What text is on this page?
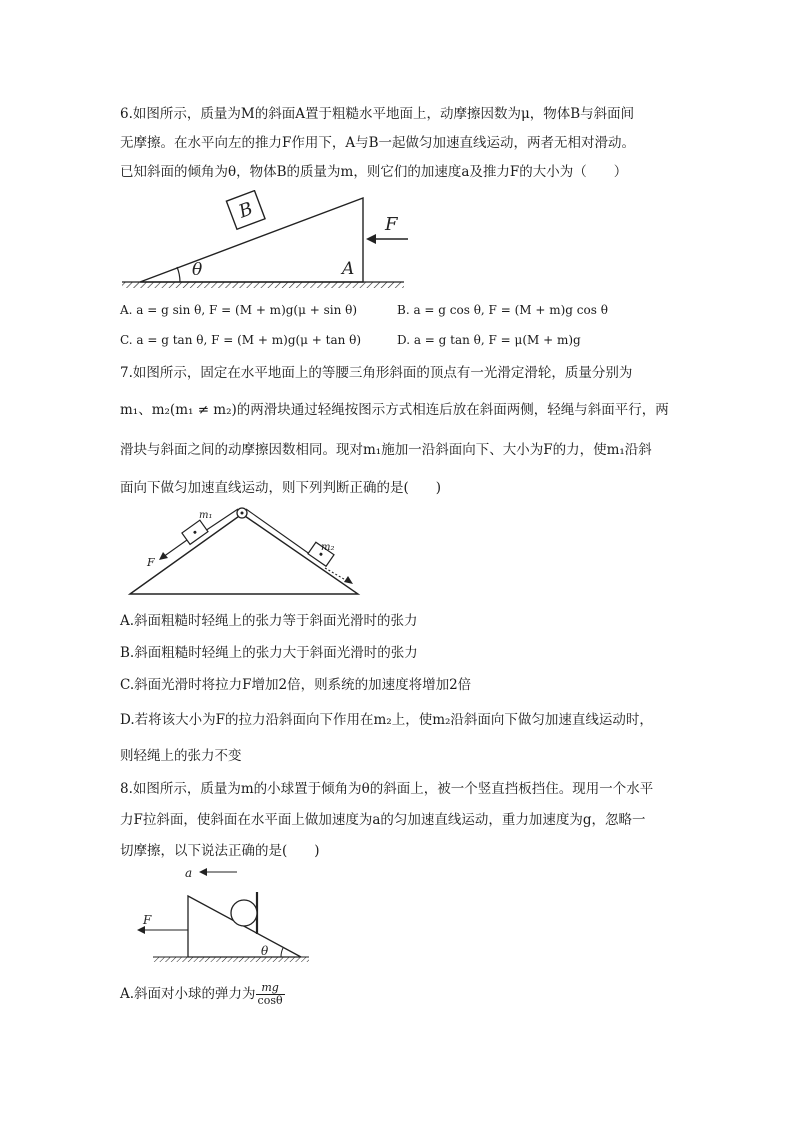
6.如图所示，质量为M的斜面A置于粗糙水平地面上，动摩擦因数为μ，物体B与斜面间
无摩擦。在水平向左的推力F作用下，A与B一起做匀加速直线运动，两者无相对滑动。
已知斜面的倾角为θ，物体B的质量为m，则它们的加速度a及推力F的大小为（　　）
B
θ	A
F
A. a = g sin θ, F = (M + m)g(μ + sin θ)	B. a = g cos θ, F = (M + m)g cos θ
C. a = g tan θ, F = (M + m)g(μ + tan θ)	D. a = g tan θ, F = μ(M + m)g
7.如图所示，固定在水平地面上的等腰三角形斜面的顶点有一光滑定滑轮，质量分别为
m₁、m₂(m₁ ≠ m₂)的两滑块通过轻绳按图示方式相连后放在斜面两侧，轻绳与斜面平行，两
滑块与斜面之间的动摩擦因数相同。现对m₁施加一沿斜面向下、大小为F的力，使m₁沿斜
面向下做匀加速直线运动，则下列判断正确的是(　　)
m₁
m₂
F
A.斜面粗糙时轻绳上的张力等于斜面光滑时的张力
B.斜面粗糙时轻绳上的张力大于斜面光滑时的张力
C.斜面光滑时将拉力F增加2倍，则系统的加速度将增加2倍
D.若将该大小为F的拉力沿斜面向下作用在m₂上，使m₂沿斜面向下做匀加速直线运动时，
则轻绳上的张力不变
8.如图所示，质量为m的小球置于倾角为θ的斜面上，被一个竖直挡板挡住。现用一个水平
力F拉斜面，使斜面在水平面上做加速度为a的匀加速直线运动，重力加速度为g，忽略一
切摩擦，以下说法正确的是(　　)
a
θ
F
A.斜面对小球的弹力为 $\frac{mg}{\cos\theta}$
